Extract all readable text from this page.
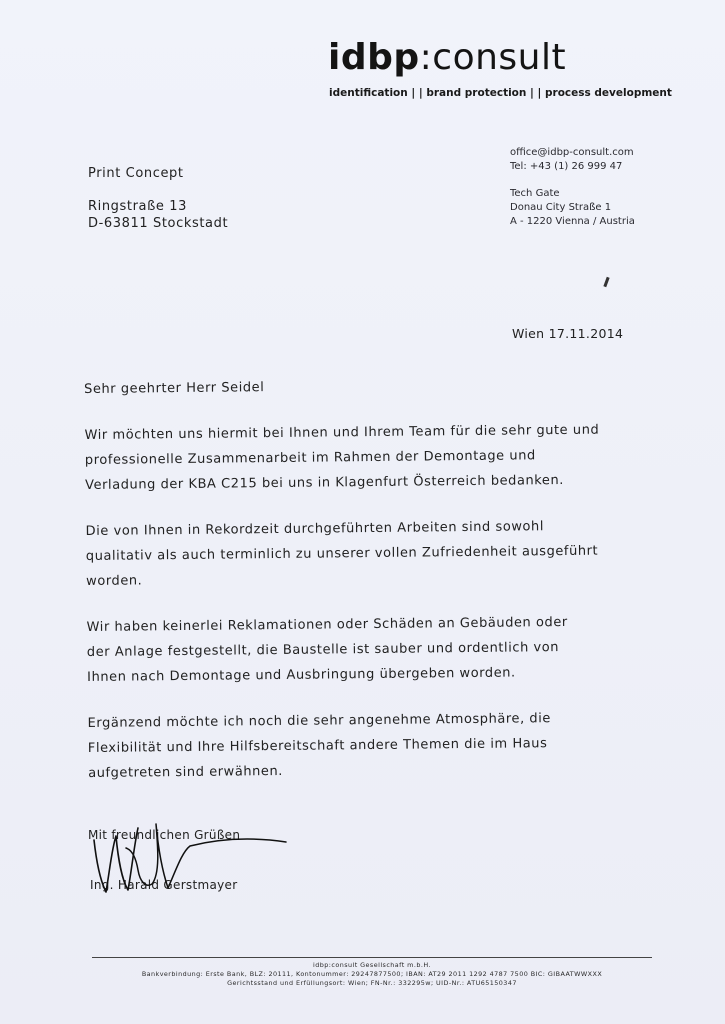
idbp:consult
identification | | brand protection | | process development
office@idbp-consult.com
Tel: +43 (1) 26 999 47
Tech Gate
Donau City Straße 1
A - 1220 Vienna / Austria
Print Concept
Ringstraße 13
D-63811 Stockstadt
Wien 17.11.2014

Sehr geehrter Herr Seidel

Wir möchten uns hiermit bei Ihnen und Ihrem Team für die sehr gute und

professionelle Zusammenarbeit im Rahmen der Demontage und

Verladung der KBA C215 bei uns in Klagenfurt Österreich bedanken.

Die von Ihnen in Rekordzeit durchgeführten Arbeiten sind sowohl

qualitativ als auch terminlich zu unserer vollen Zufriedenheit ausgeführt

worden.

Wir haben keinerlei Reklamationen oder Schäden an Gebäuden oder

der Anlage festgestellt, die Baustelle ist sauber und ordentlich von

Ihnen nach Demontage und Ausbringung übergeben worden.

Ergänzend möchte ich noch die sehr angenehme Atmosphäre, die

Flexibilität und Ihre Hilfsbereitschaft andere Themen die im Haus

aufgetreten sind erwähnen.

Mit freundlichen Grüßen
Ing. Harald Gerstmayer
idbp:consult Gesellschaft m.b.H.
Bankverbindung: Erste Bank, BLZ: 20111, Kontonummer: 29247877500; IBAN: AT29 2011 1292 4787 7500 BIC: GIBAATWWXXX
Gerichtsstand und Erfüllungsort: Wien; FN-Nr.: 332295w; UID-Nr.: ATU65150347
